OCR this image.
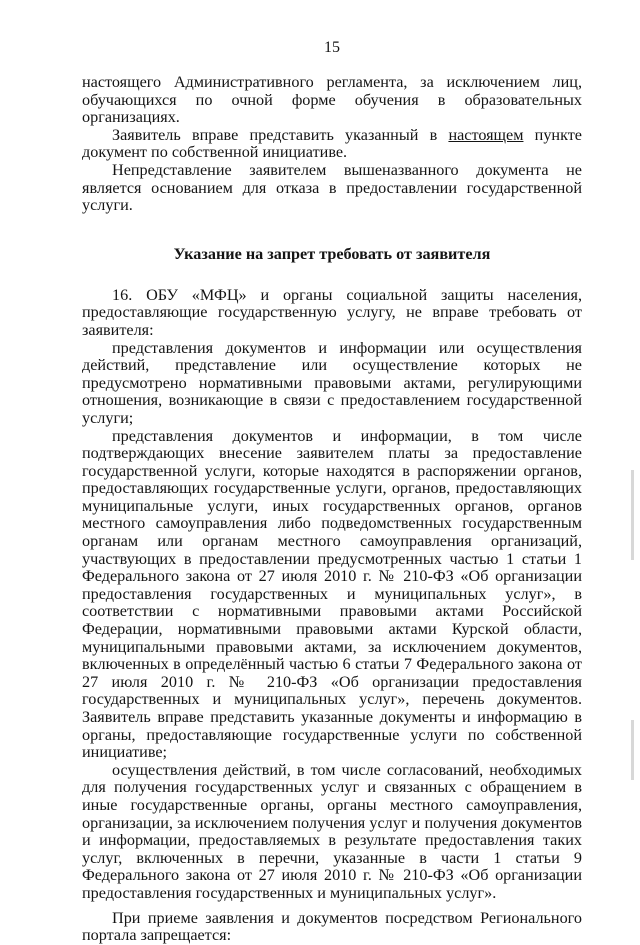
15

настоящего Административного регламента, за исключением лиц, обучающихся по очной форме обучения в образовательных организациях.

Заявитель вправе представить указанный в настоящем пункте документ по собственной инициативе.

Непредставление заявителем вышеназванного документа не является основанием для отказа в предоставлении государственной услуги.

Указание на запрет требовать от заявителя

16. ОБУ «МФЦ» и органы социальной защиты населения, предоставляющие государственную услугу, не вправе требовать от заявителя:

представления документов и информации или осуществления действий, представление или осуществление которых не предусмотрено нормативными правовыми актами, регулирующими отношения, возникающие в связи с предоставлением государственной услуги;

представления документов и информации, в том числе подтверждающих внесение заявителем платы за предоставление государственной услуги, которые находятся в распоряжении органов, предоставляющих государственные услуги, органов, предоставляющих муниципальные услуги, иных государственных органов, органов местного самоуправления либо подведомственных государственным органам или органам местного самоуправления организаций, участвующих в предоставлении предусмотренных частью 1 статьи 1 Федерального закона от 27 июля 2010 г. № 210-ФЗ «Об организации предоставления государственных и муниципальных услуг», в соответствии с нормативными правовыми актами Российской Федерации, нормативными правовыми актами Курской области, муниципальными правовыми актами, за исключением документов, включенных в определённый частью 6 статьи 7 Федерального закона от 27 июля 2010 г. № 210-ФЗ «Об организации предоставления государственных и муниципальных услуг», перечень документов. Заявитель вправе представить указанные документы и информацию в органы, предоставляющие государственные услуги по собственной инициативе;

осуществления действий, в том числе согласований, необходимых для получения государственных услуг и связанных с обращением в иные государственные органы, органы местного самоуправления, организации, за исключением получения услуг и получения документов и информации, предоставляемых в результате предоставления таких услуг, включенных в перечни, указанные в части 1 статьи 9 Федерального закона от 27 июля 2010 г. № 210-ФЗ «Об организации предоставления государственных и муниципальных услуг».

При приеме заявления и документов посредством Регионального портала запрещается:
